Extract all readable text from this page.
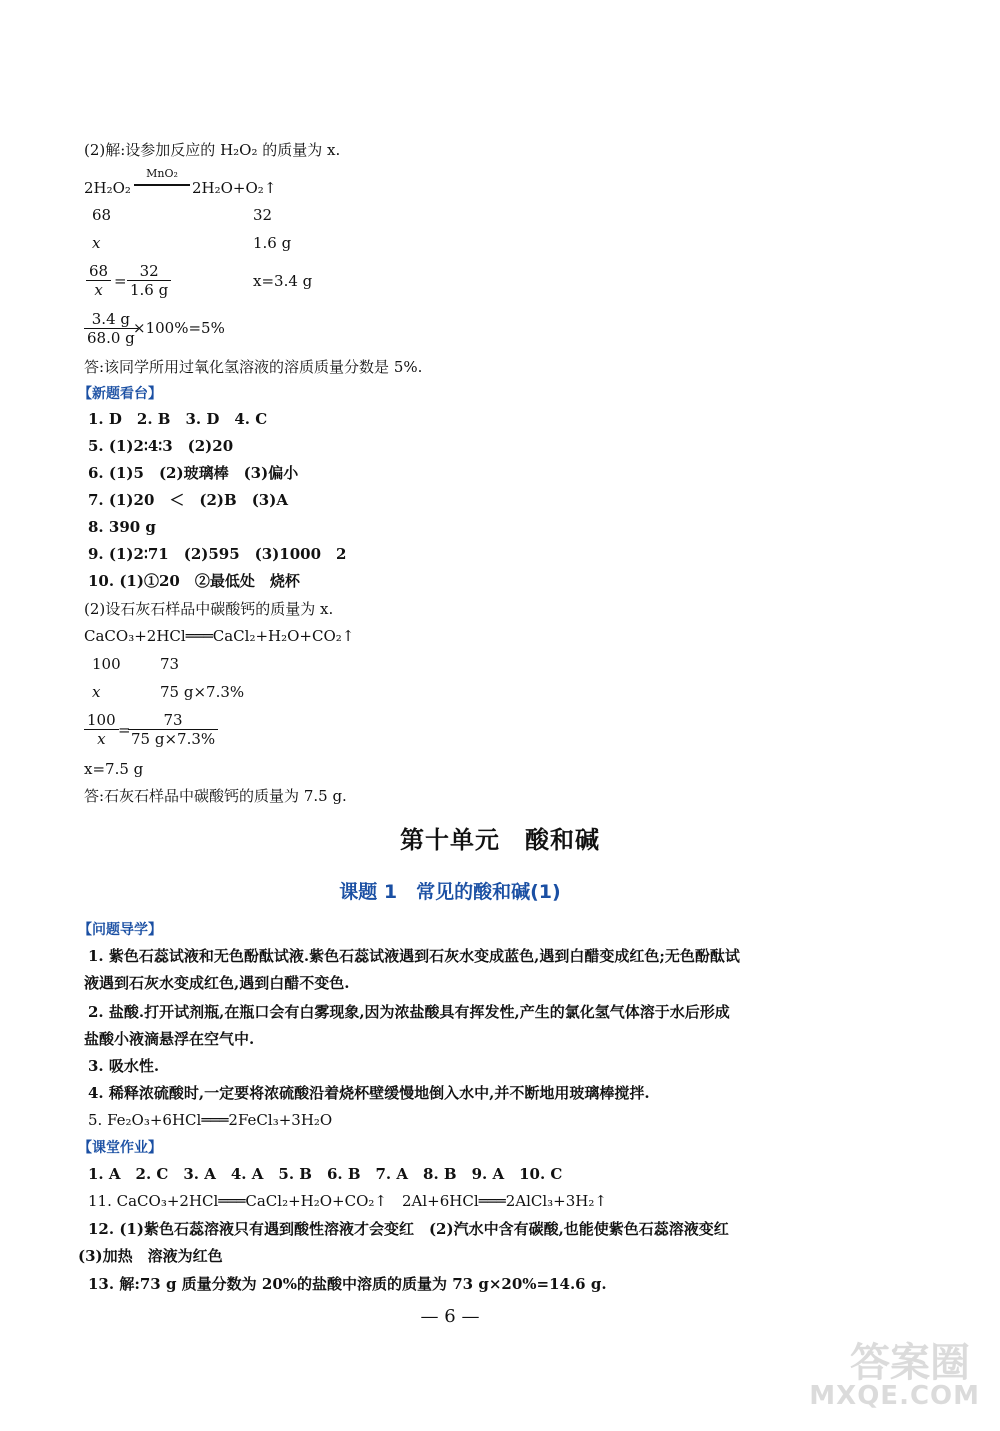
(2)解:设参加反应的 H₂O₂ 的质量为 x.
2H₂O₂
MnO₂
2H₂O+O₂↑
68	32
x	1.6 g
$\frac{68}{x} = \frac{32}{1.6 g}$	x=3.4 g
$\frac{3.4 g}{68.0 g}$
×100%=5%
答:该同学所用过氧化氢溶液的溶质质量分数是 5%.
【新题看台】
1. D　2. B　3. D　4. C
5. (1)2∶4∶3　(2)20
6. (1)5　(2)玻璃棒　(3)偏小
7. (1)20　＜　(2)B　(3)A
8. 390 g
9. (1)2∶71　(2)595　(3)1000　2
10. (1)①20　②最低处　烧杯
(2)设石灰石样品中碳酸钙的质量为 x.
CaCO₃+2HCl═══CaCl₂+H₂O+CO₂↑
100	73
x	75 g×7.3%
$\frac{100}{x}$ =
$\frac{73}{75 g\times 7.3\%}$
x=7.5 g
答:石灰石样品中碳酸钙的质量为 7.5 g.
第十单元　酸和碱
课题 1　常见的酸和碱(1)
【问题导学】
1. 紫色石蕊试液和无色酚酞试液.紫色石蕊试液遇到石灰水变成蓝色,遇到白醋变成红色;无色酚酞试
液遇到石灰水变成红色,遇到白醋不变色.
2. 盐酸.打开试剂瓶,在瓶口会有白雾现象,因为浓盐酸具有挥发性,产生的氯化氢气体溶于水后形成
盐酸小液滴悬浮在空气中.
3. 吸水性.
4. 稀释浓硫酸时,一定要将浓硫酸沿着烧杯壁缓慢地倒入水中,并不断地用玻璃棒搅拌.
5. Fe₂O₃+6HCl═══2FeCl₃+3H₂O
【课堂作业】
1. A　2. C　3. A　4. A　5. B　6. B　7. A　8. B　9. A　10. C
11. CaCO₃+2HCl═══CaCl₂+H₂O+CO₂↑　2Al+6HCl═══2AlCl₃+3H₂↑
12. (1)紫色石蕊溶液只有遇到酸性溶液才会变红　(2)汽水中含有碳酸,也能使紫色石蕊溶液变红
(3)加热　溶液为红色
13. 解:73 g 质量分数为 20%的盐酸中溶质的质量为 73 g×20%=14.6 g.
— 6 —
答案圈
MXQE.COM
